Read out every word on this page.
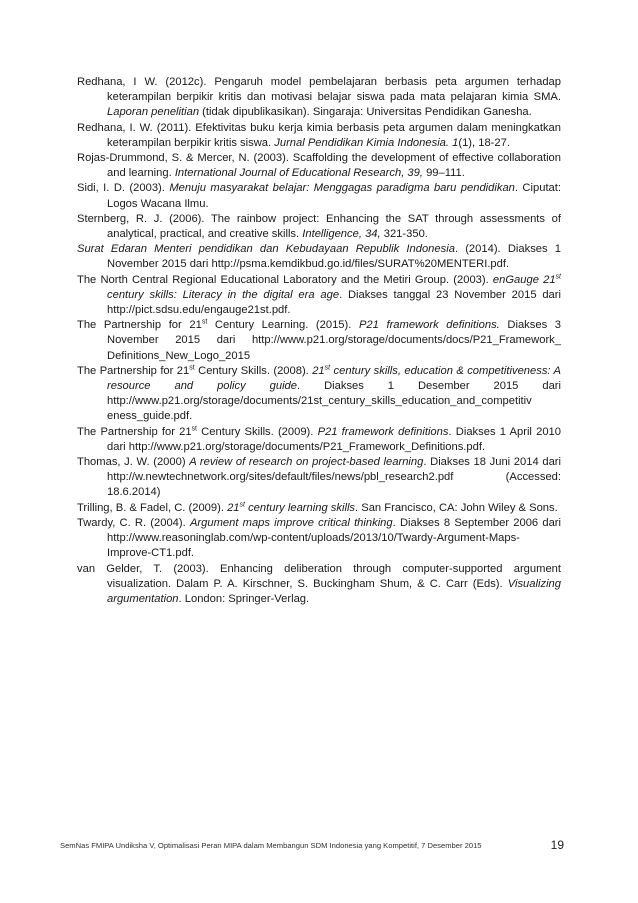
Redhana, I W. (2012c). Pengaruh model pembelajaran berbasis peta argumen terhadap keterampilan berpikir kritis dan motivasi belajar siswa pada mata pelajaran kimia SMA. Laporan penelitian (tidak dipublikasikan). Singaraja: Universitas Pendidikan Ganesha.

Redhana, I. W. (2011). Efektivitas buku kerja kimia berbasis peta argumen dalam meningkatkan keterampilan berpikir kritis siswa. Jurnal Pendidikan Kimia Indonesia. 1(1), 18-27.

Rojas-Drummond, S. & Mercer, N. (2003). Scaffolding the development of effective collaboration and learning. International Journal of Educational Research, 39, 99–111.

Sidi, I. D. (2003). Menuju masyarakat belajar: Menggagas paradigma baru pendidikan. Ciputat: Logos Wacana Ilmu.

Sternberg, R. J. (2006). The rainbow project: Enhancing the SAT through assessments of analytical, practical, and creative skills. Intelligence, 34, 321-350.

Surat Edaran Menteri pendidikan dan Kebudayaan Republik Indonesia. (2014). Diakses 1 November 2015 dari http://psma.kemdikbud.go.id/files/SURAT%20MENTERI.pdf.

The North Central Regional Educational Laboratory and the Metiri Group. (2003). enGauge 21st century skills: Literacy in the digital era age. Diakses tanggal 23 November 2015 dari http://pict.sdsu.edu/engauge21st.pdf.

The Partnership for 21st Century Learning. (2015). P21 framework definitions. Diakses 3 November 2015 dari http://www.p21.org/storage/documents/docs/P21_Framework_ Definitions_New_Logo_2015

The Partnership for 21st Century Skills. (2008). 21st century skills, education & competitiveness: A resource and policy guide. Diakses 1 Desember 2015 dari http://www.p21.org/storage/documents/21st_century_skills_education_and_competitiv eness_guide.pdf.

The Partnership for 21st Century Skills. (2009). P21 framework definitions. Diakses 1 April 2010 dari http://www.p21.org/storage/documents/P21_Framework_Definitions.pdf.

Thomas, J. W. (2000) A review of research on project-based learning. Diakses 18 Juni 2014 dari http://w.newtechnetwork.org/sites/default/files/news/pbl_research2.pdf (Accessed: 18.6.2014)

Trilling, B. & Fadel, C. (2009). 21st century learning skills. San Francisco, CA: John Wiley & Sons.

Twardy, C. R. (2004). Argument maps improve critical thinking. Diakses 8 September 2006 dari http://www.reasoninglab.com/wp-content/uploads/2013/10/Twardy-Argument-Maps-Improve-CT1.pdf.

van Gelder, T. (2003). Enhancing deliberation through computer-supported argument visualization. Dalam P. A. Kirschner, S. Buckingham Shum, & C. Carr (Eds). Visualizing argumentation. London: Springer-Verlag.

SemNas FMIPA Undiksha V, Optimalisasi Peran MIPA dalam Membangun SDM Indonesia yang Kompetitif, 7 Desember 2015	19
